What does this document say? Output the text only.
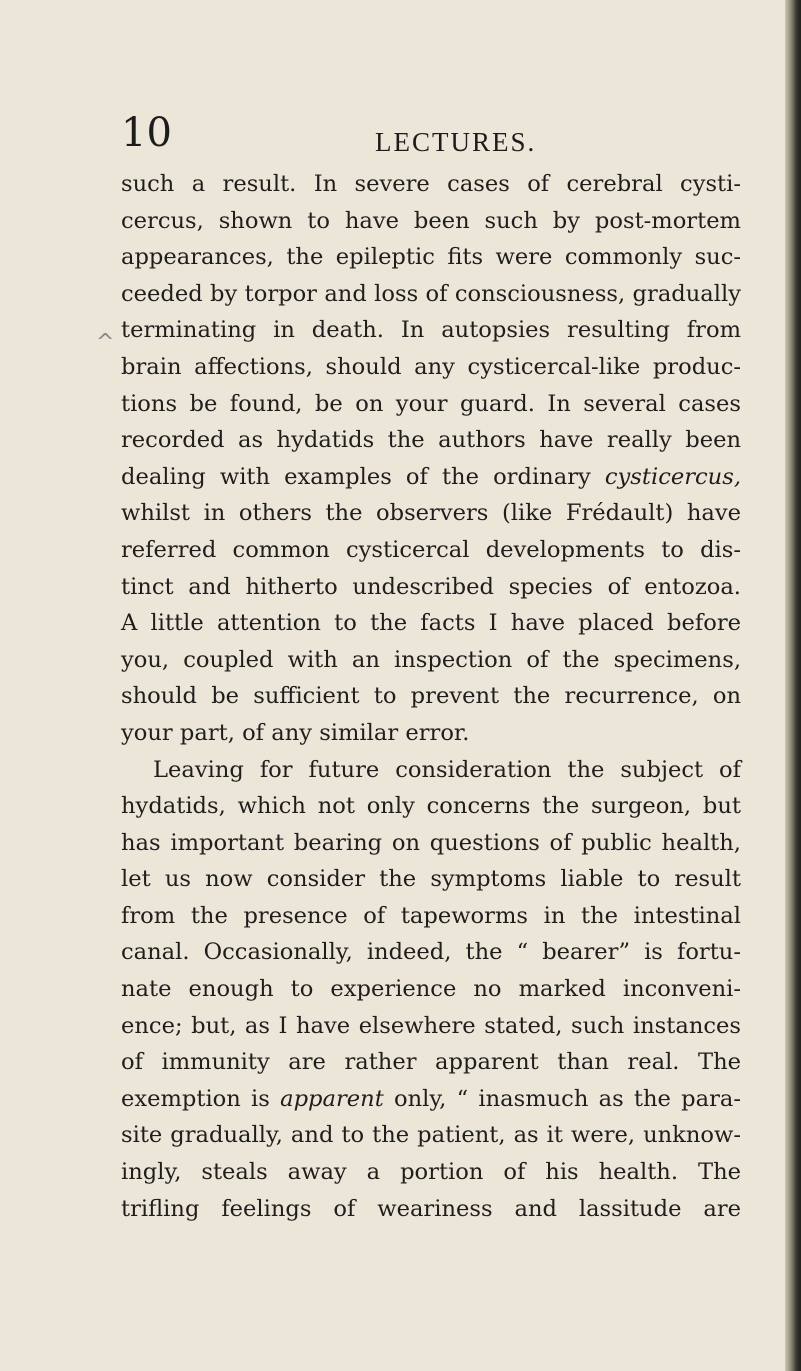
10	LECTURES.
^
such a result. In severe cases of cerebral cysti-
cercus, shown to have been such by post-mortem
appearances, the epileptic fits were commonly suc-
ceeded by torpor and loss of consciousness, gradually
terminating in death. In autopsies resulting from
brain affections, should any cysticercal-like produc-
tions be found, be on your guard. In several cases
recorded as hydatids the authors have really been
dealing with examples of the ordinary cysticercus,
whilst in others the observers (like Frédault) have
referred common cysticercal developments to dis-
tinct and hitherto undescribed species of entozoa.
A little attention to the facts I have placed before
you, coupled with an inspection of the specimens,
should be sufficient to prevent the recurrence, on
your part, of any similar error.
Leaving for future consideration the subject of
hydatids, which not only concerns the surgeon, but
has important bearing on questions of public health,
let us now consider the symptoms liable to result
from the presence of tapeworms in the intestinal
canal. Occasionally, indeed, the “ bearer” is fortu-
nate enough to experience no marked inconveni-
ence; but, as I have elsewhere stated, such instances
of immunity are rather apparent than real. The
exemption is apparent only, “ inasmuch as the para-
site gradually, and to the patient, as it were, unknow-
ingly, steals away a portion of his health. The
trifling feelings of weariness and lassitude are
